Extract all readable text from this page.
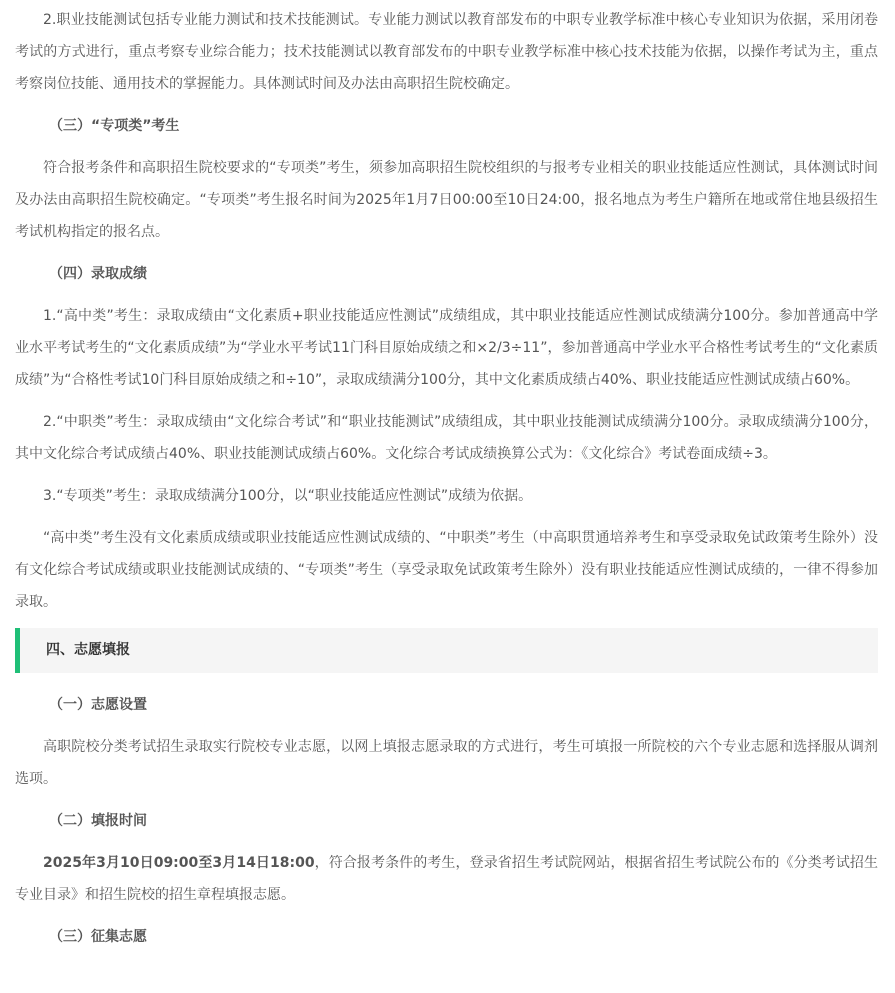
2.职业技能测试包括专业能力测试和技术技能测试。专业能力测试以教育部发布的中职专业教学标准中核心专业知识为依据，采用闭卷考试的方式进行，重点考察专业综合能力；技术技能测试以教育部发布的中职专业教学标准中核心技术技能为依据，以操作考试为主，重点考察岗位技能、通用技术的掌握能力。具体测试时间及办法由高职招生院校确定。

（三）“专项类”考生

符合报考条件和高职招生院校要求的“专项类”考生，须参加高职招生院校组织的与报考专业相关的职业技能适应性测试，具体测试时间及办法由高职招生院校确定。“专项类”考生报名时间为2025年1月7日00:00至10日24:00，报名地点为考生户籍所在地或常住地县级招生考试机构指定的报名点。

（四）录取成绩

1.“高中类”考生：录取成绩由“文化素质+职业技能适应性测试”成绩组成，其中职业技能适应性测试成绩满分100分。参加普通高中学业水平考试考生的“文化素质成绩”为“学业水平考试11门科目原始成绩之和×2/3÷11”，参加普通高中学业水平合格性考试考生的“文化素质成绩”为“合格性考试10门科目原始成绩之和÷10”，录取成绩满分100分，其中文化素质成绩占40%、职业技能适应性测试成绩占60%。

2.“中职类”考生：录取成绩由“文化综合考试”和“职业技能测试”成绩组成，其中职业技能测试成绩满分100分。录取成绩满分100分，其中文化综合考试成绩占40%、职业技能测试成绩占60%。文化综合考试成绩换算公式为：《文化综合》考试卷面成绩÷3。

3.“专项类”考生：录取成绩满分100分，以“职业技能适应性测试”成绩为依据。

“高中类”考生没有文化素质成绩或职业技能适应性测试成绩的、“中职类”考生（中高职贯通培养考生和享受录取免试政策考生除外）没有文化综合考试成绩或职业技能测试成绩的、“专项类”考生（享受录取免试政策考生除外）没有职业技能适应性测试成绩的，一律不得参加录取。

四、志愿填报

（一）志愿设置

高职院校分类考试招生录取实行院校专业志愿，以网上填报志愿录取的方式进行，考生可填报一所院校的六个专业志愿和选择服从调剂选项。

（二）填报时间

2025年3月10日09:00至3月14日18:00，符合报考条件的考生，登录省招生考试院网站，根据省招生考试院公布的《分类考试招生专业目录》和招生院校的招生章程填报志愿。

（三）征集志愿
